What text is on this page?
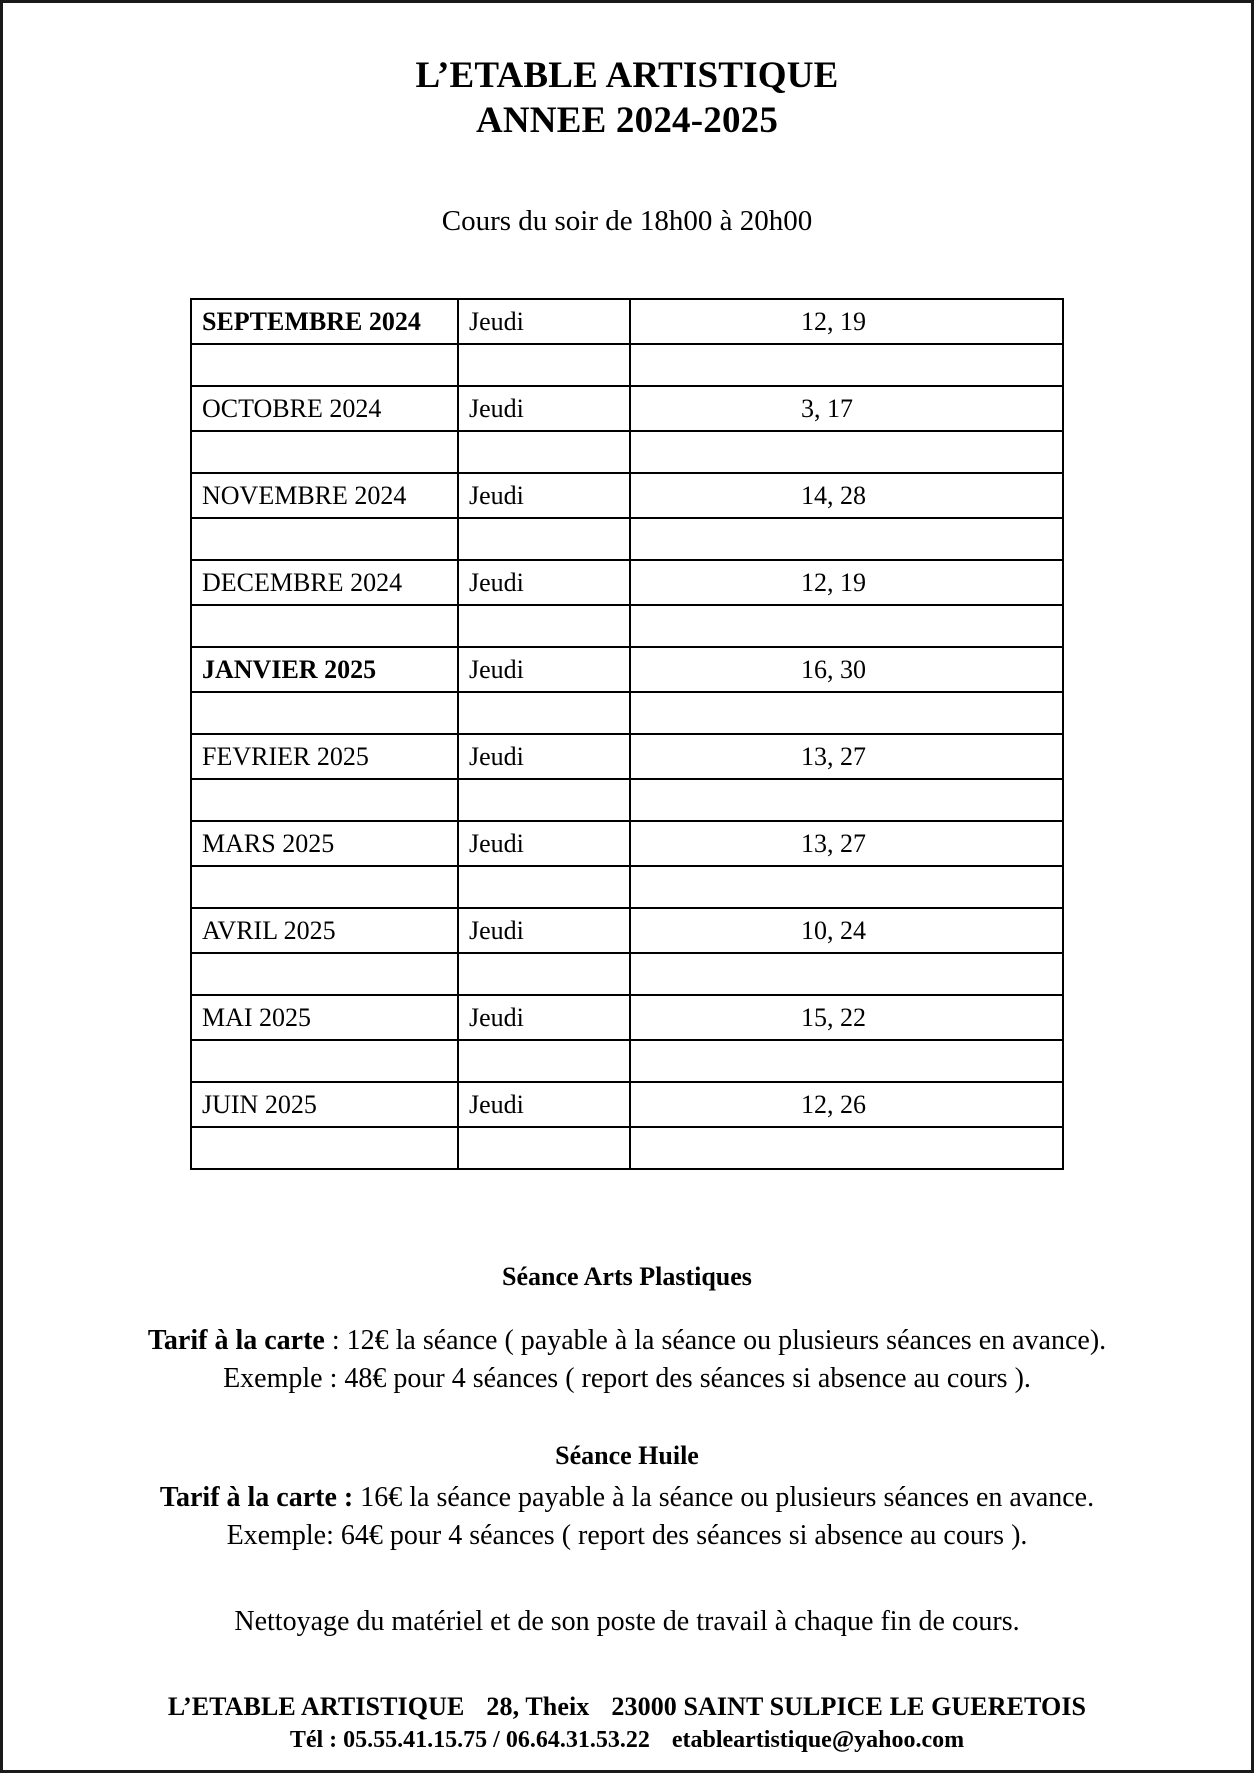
L’ETABLE ARTISTIQUE
ANNEE 2024-2025
Cours du soir de 18h00 à 20h00
SEPTEMBRE 2024	Jeudi	12, 19

OCTOBRE 2024	Jeudi	3, 17

NOVEMBRE 2024	Jeudi	14, 28

DECEMBRE 2024	Jeudi	12, 19

JANVIER 2025	Jeudi	16, 30

FEVRIER 2025	Jeudi	13, 27

MARS 2025	Jeudi	13, 27

AVRIL 2025	Jeudi	10, 24

MAI 2025	Jeudi	15, 22

JUIN 2025	Jeudi	12, 26

Séance Arts Plastiques
Tarif à la carte : 12€ la séance ( payable à la séance ou plusieurs séances en avance).
Exemple : 48€ pour 4 séances ( report des séances si absence au cours ).
Séance Huile
Tarif à la carte : 16€ la séance payable à la séance ou plusieurs séances en avance.
Exemple: 64€ pour 4 séances ( report des séances si absence au cours ).
Nettoyage du matériel et de son poste de travail à chaque fin de cours.
L’ETABLE ARTISTIQUE 28, Theix 23000 SAINT SULPICE LE GUERETOIS
Tél : 05.55.41.15.75 / 06.64.31.53.22 etableartistique@yahoo.com
